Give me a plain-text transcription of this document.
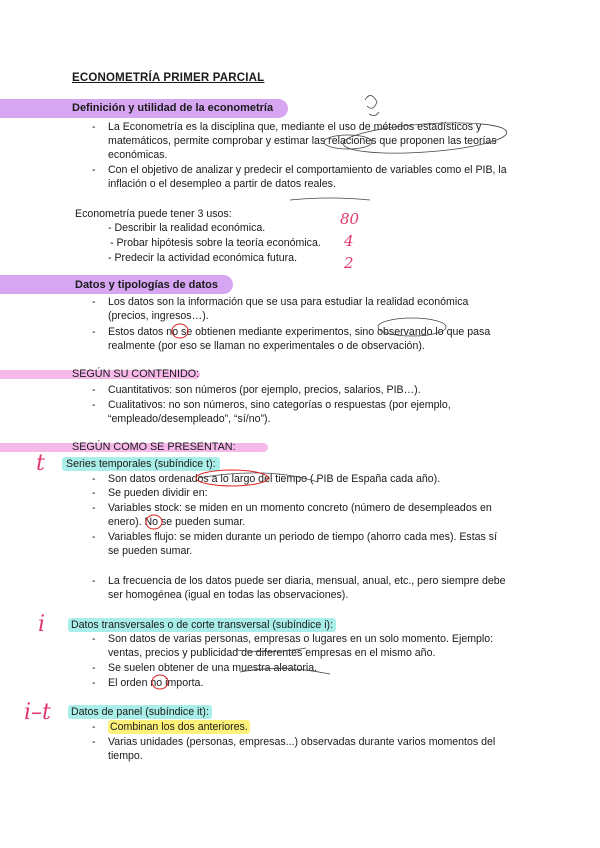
ECONOMETRÍA PRIMER PARCIAL
Definición y utilidad de la econometría
- La Econometría es la disciplina que, mediante el uso de métodos estadísticos y
matemáticos, permite comprobar y estimar las relaciones que proponen las teorías
económicas.
- Con el objetivo de analizar y predecir el comportamiento de variables como el PIB, la
inflación o el desempleo a partir de datos reales.
Econometría puede tener 3 usos:
- Describir la realidad económica.
- Probar hipótesis sobre la teoría económica.
- Predecir la actividad económica futura.
80
4
2
Datos y tipologías de datos
- Los datos son la información que se usa para estudiar la realidad económica
(precios, ingresos…).
- Estos datos no se obtienen mediante experimentos, sino observando lo que pasa
realmente (por eso se llaman no experimentales o de observación).
SEGÚN SU CONTENIDO:
- Cuantitativos: son números (por ejemplo, precios, salarios, PIB…).
- Cualitativos: no son números, sino categorías o respuestas (por ejemplo,
“empleado/desempleado”, “sí/no”).
SEGÚN COMO SE PRESENTAN:
t	Series temporales (subíndice t):
- Son datos ordenados a lo largo del tiempo ( PIB de España cada año).
- Se pueden dividir en:
- Variables stock: se miden en un momento concreto (número de desempleados en
enero). No se pueden sumar.
- Variables flujo: se miden durante un periodo de tiempo (ahorro cada mes). Estas sí
se pueden sumar.
- La frecuencia de los datos puede ser diaria, mensual, anual, etc., pero siempre debe
ser homogénea (igual en todas las observaciones).
i Datos transversales o de corte transversal (subíndice i):
- Son datos de varias personas, empresas o lugares en un solo momento. Ejemplo:
ventas, precios y publicidad de diferentes empresas en el mismo año.
- Se suelen obtener de una muestra aleatoria.
- El orden no importa.
i–t Datos de panel (subíndice it):
- Combinan los dos anteriores.
- Varias unidades (personas, empresas...) observadas durante varios momentos del
tiempo.
